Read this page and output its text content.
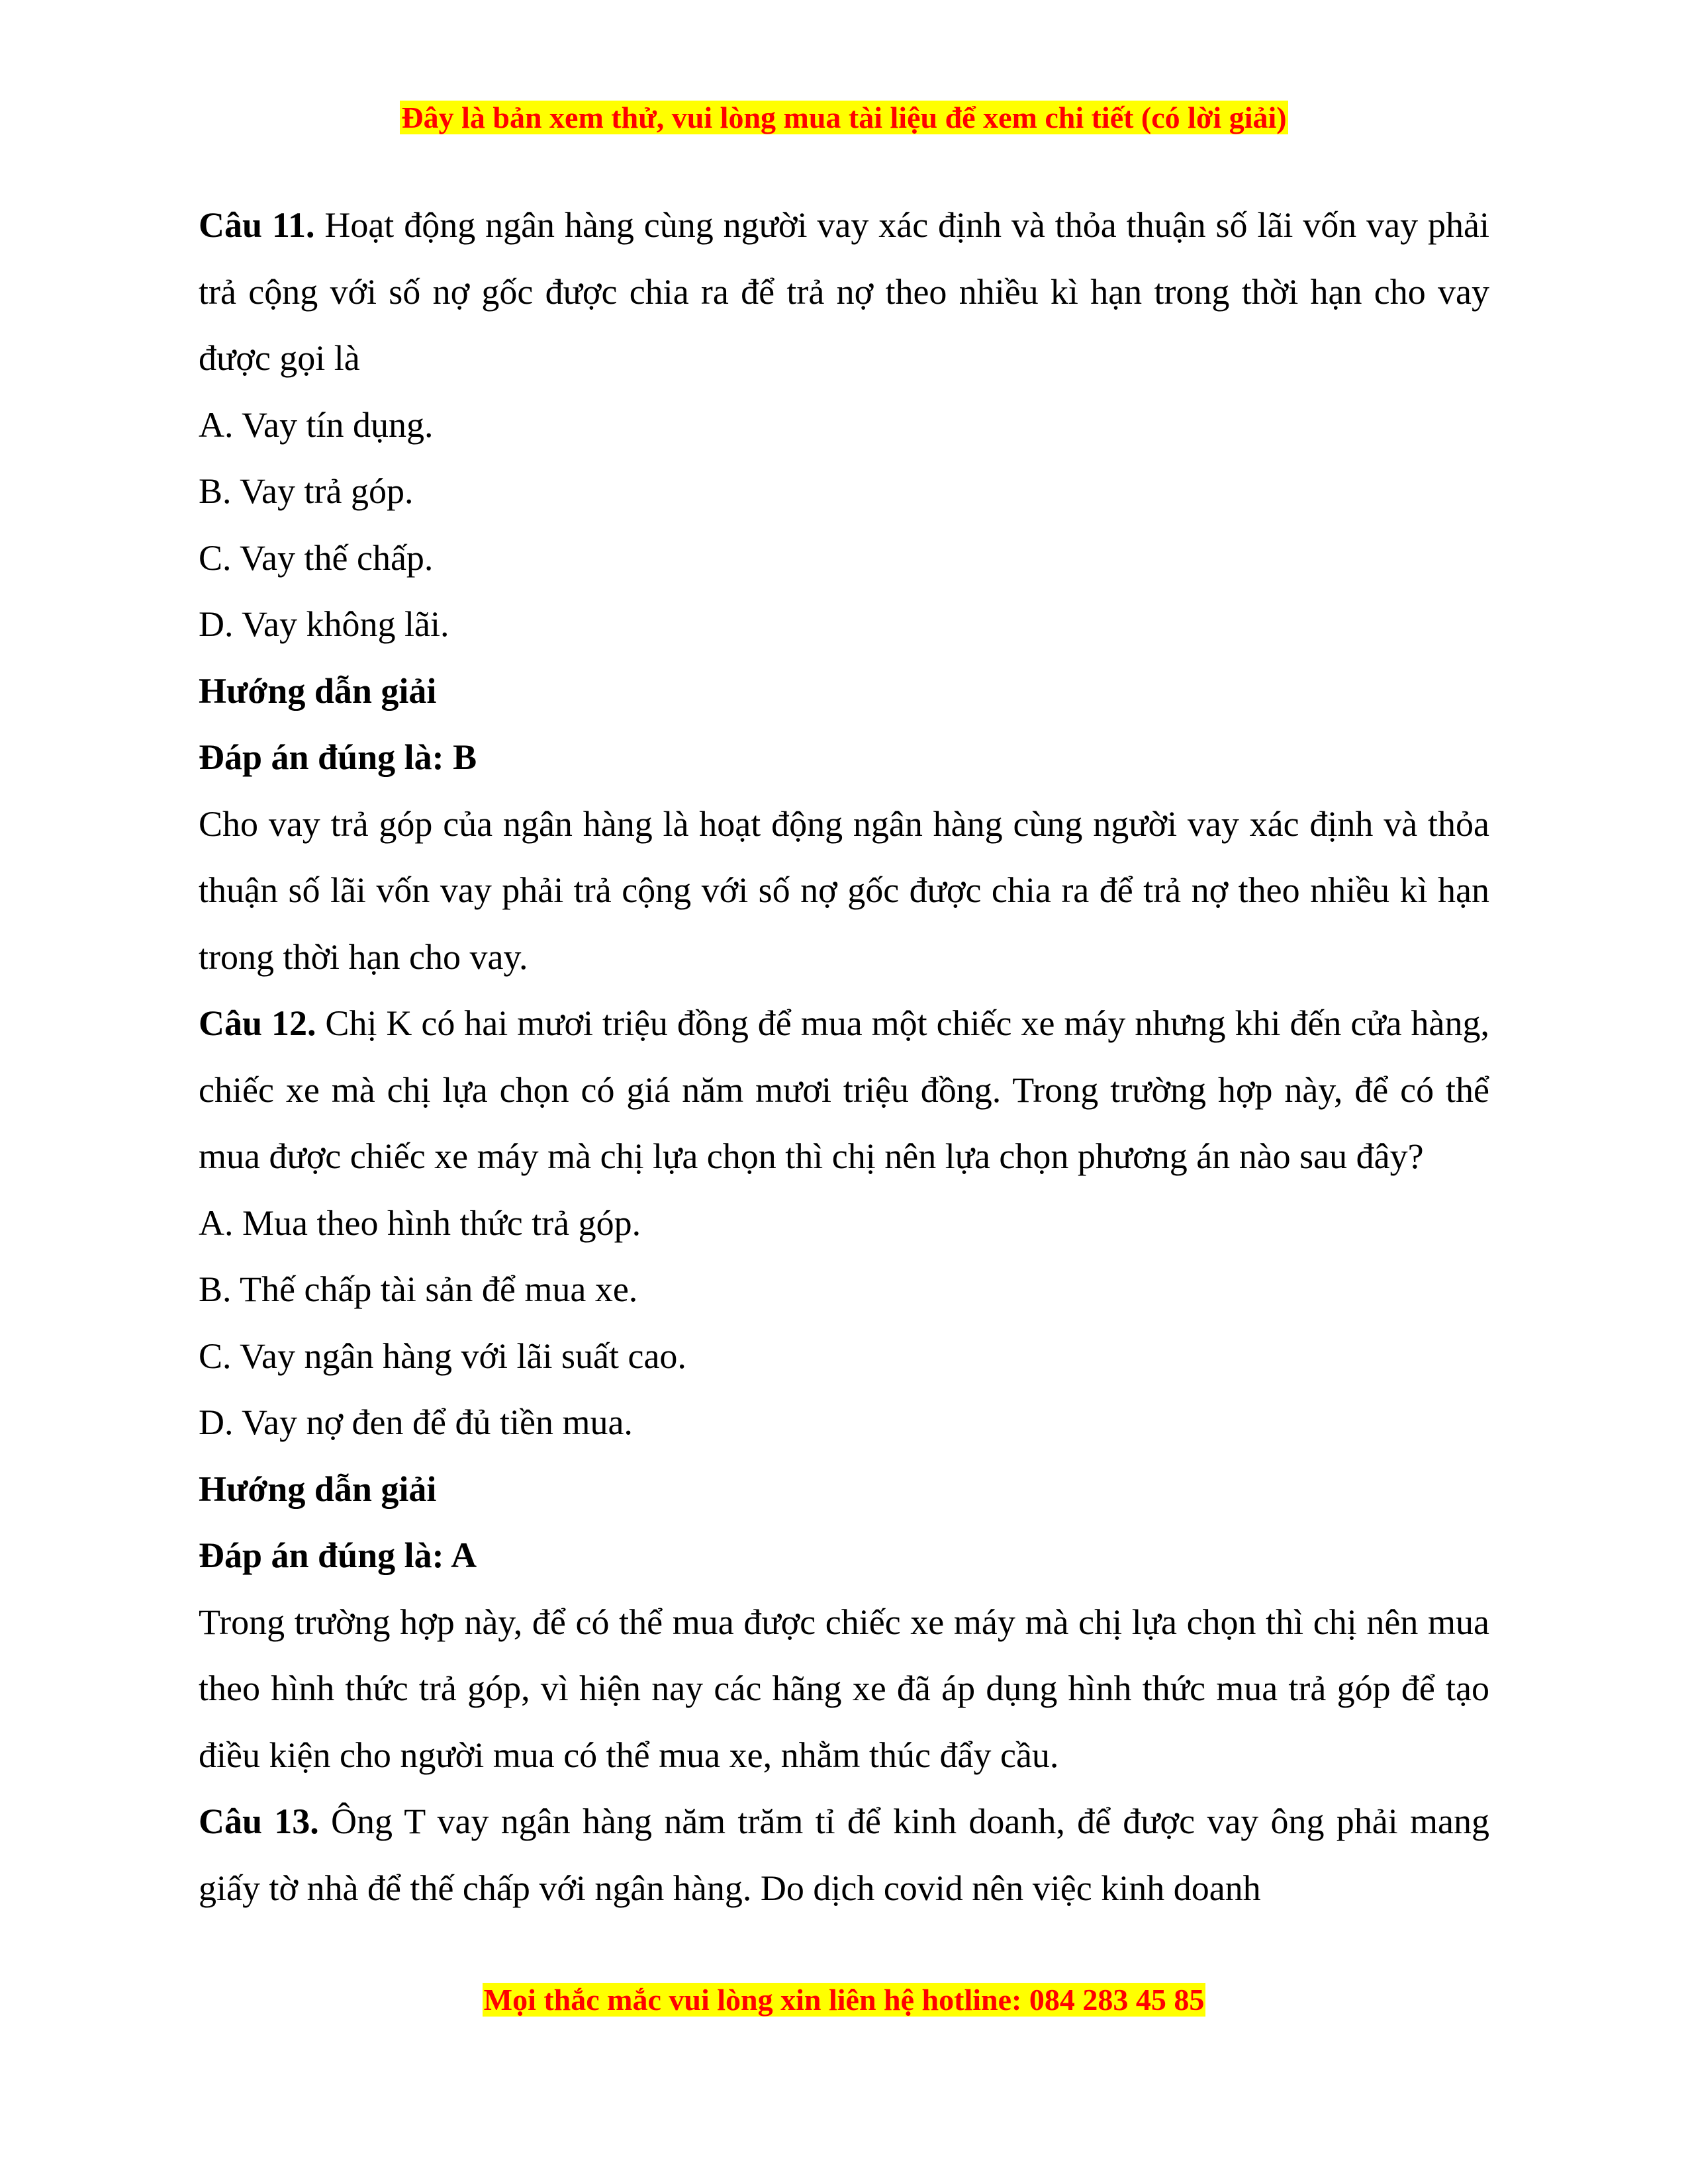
Đây là bản xem thử, vui lòng mua tài liệu để xem chi tiết (có lời giải)

Câu 11. Hoạt động ngân hàng cùng người vay xác định và thỏa thuận số lãi vốn vay phải trả cộng với số nợ gốc được chia ra để trả nợ theo nhiều kì hạn trong thời hạn cho vay được gọi là

A. Vay tín dụng.

B. Vay trả góp.

C. Vay thế chấp.

D. Vay không lãi.

Hướng dẫn giải

Đáp án đúng là: B

Cho vay trả góp của ngân hàng là hoạt động ngân hàng cùng người vay xác định và thỏa thuận số lãi vốn vay phải trả cộng với số nợ gốc được chia ra để trả nợ theo nhiều kì hạn trong thời hạn cho vay.

Câu 12. Chị K có hai mươi triệu đồng để mua một chiếc xe máy nhưng khi đến cửa hàng, chiếc xe mà chị lựa chọn có giá năm mươi triệu đồng. Trong trường hợp này, để có thể mua được chiếc xe máy mà chị lựa chọn thì chị nên lựa chọn phương án nào sau đây?

A. Mua theo hình thức trả góp.

B. Thế chấp tài sản để mua xe.

C. Vay ngân hàng với lãi suất cao.

D. Vay nợ đen để đủ tiền mua.

Hướng dẫn giải

Đáp án đúng là: A

Trong trường hợp này, để có thể mua được chiếc xe máy mà chị lựa chọn thì chị nên mua theo hình thức trả góp, vì hiện nay các hãng xe đã áp dụng hình thức mua trả góp để tạo điều kiện cho người mua có thể mua xe, nhằm thúc đẩy cầu.

Câu 13. Ông T vay ngân hàng năm trăm tỉ để kinh doanh, để được vay ông phải mang giấy tờ nhà để thế chấp với ngân hàng. Do dịch covid nên việc kinh doanh

Mọi thắc mắc vui lòng xin liên hệ hotline: 084 283 45 85
